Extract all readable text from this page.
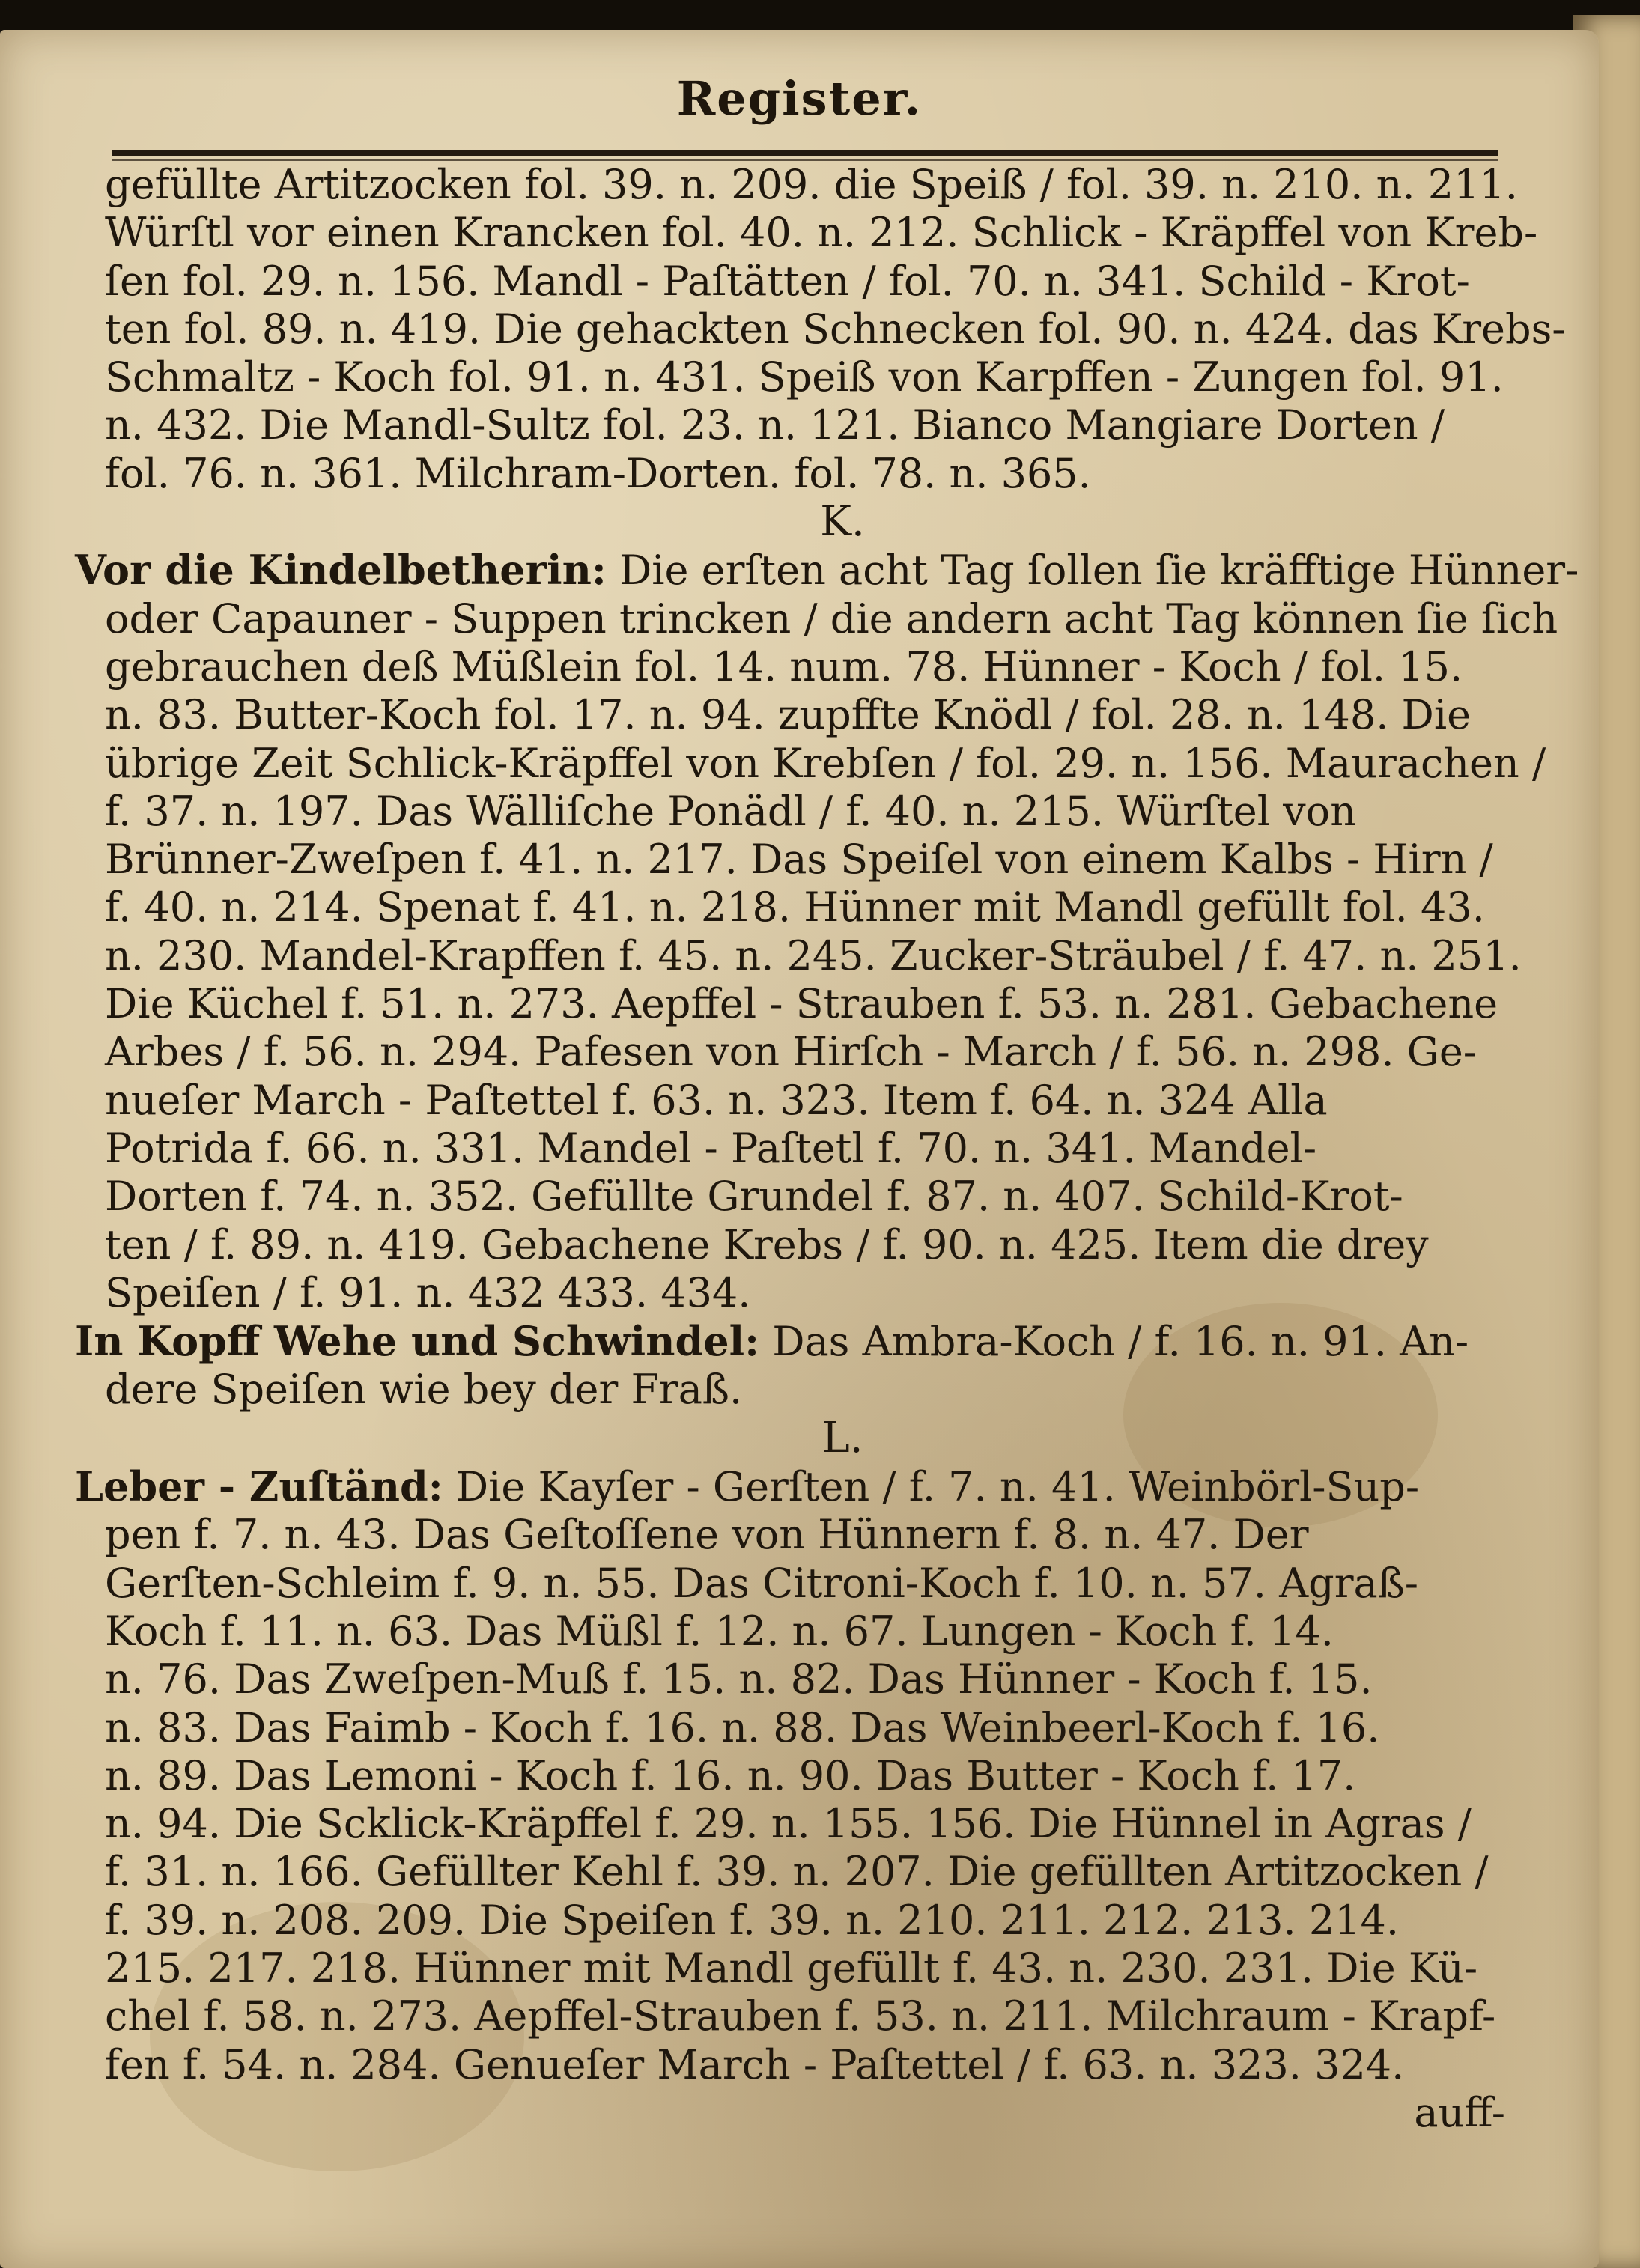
Register.
gefüllte Artitzocken fol. 39. n. 209. die Speiß / fol. 39. n. 210. n. 211.
Würſtl vor einen Krancken fol. 40. n. 212. Schlick - Kräpffel von Kreb-
ſen fol. 29. n. 156. Mandl - Paſtätten / fol. 70. n. 341. Schild - Krot-
ten fol. 89. n. 419. Die gehackten Schnecken fol. 90. n. 424. das Krebs-
Schmaltz - Koch fol. 91. n. 431. Speiß von Karpffen - Zungen fol. 91.
n. 432. Die Mandl-Sultz fol. 23. n. 121. Bianco Mangiare Dorten /
fol. 76. n. 361. Milchram-Dorten. fol. 78. n. 365.
K.
Vor die Kindelbetherin: Die erſten acht Tag ſollen ſie kräfftige Hünner-
oder Capauner - Suppen trincken / die andern acht Tag können ſie ſich
gebrauchen deß Müßlein fol. 14. num. 78. Hünner - Koch / fol. 15.
n. 83. Butter-Koch fol. 17. n. 94. zupffte Knödl / fol. 28. n. 148. Die
übrige Zeit Schlick-Kräpffel von Krebſen / fol. 29. n. 156. Maurachen /
f. 37. n. 197. Das Wälliſche Ponädl / f. 40. n. 215. Würſtel von
Brünner-Zweſpen f. 41. n. 217. Das Speiſel von einem Kalbs - Hirn /
f. 40. n. 214. Spenat f. 41. n. 218. Hünner mit Mandl gefüllt fol. 43.
n. 230. Mandel-Krapffen f. 45. n. 245. Zucker-Sträubel / f. 47. n. 251.
Die Küchel f. 51. n. 273. Aepffel - Strauben f. 53. n. 281. Gebachene
Arbes / f. 56. n. 294. Pafesen von Hirſch - March / f. 56. n. 298. Ge-
nueſer March - Paſtettel f. 63. n. 323. Item f. 64. n. 324 Alla
Potrida f. 66. n. 331. Mandel - Paſtetl f. 70. n. 341. Mandel-
Dorten f. 74. n. 352. Gefüllte Grundel f. 87. n. 407. Schild-Krot-
ten / f. 89. n. 419. Gebachene Krebs / f. 90. n. 425. Item die drey
Speiſen / f. 91. n. 432 433. 434.
In Kopff Wehe und Schwindel: Das Ambra-Koch / f. 16. n. 91. An-
dere Speiſen wie bey der Fraß.
L.
Leber - Zuſtänd: Die Kayſer - Gerſten / f. 7. n. 41. Weinbörl-Sup-
pen f. 7. n. 43. Das Geſtoſſene von Hünnern f. 8. n. 47. Der
Gerſten-Schleim f. 9. n. 55. Das Citroni-Koch f. 10. n. 57. Agraß-
Koch f. 11. n. 63. Das Müßl f. 12. n. 67. Lungen - Koch f. 14.
n. 76. Das Zweſpen-Muß f. 15. n. 82. Das Hünner - Koch f. 15.
n. 83. Das Faimb - Koch f. 16. n. 88. Das Weinbeerl-Koch f. 16.
n. 89. Das Lemoni - Koch f. 16. n. 90. Das Butter - Koch f. 17.
n. 94. Die Scklick-Kräpffel f. 29. n. 155. 156. Die Hünnel in Agras /
f. 31. n. 166. Gefüllter Kehl f. 39. n. 207. Die gefüllten Artitzocken /
f. 39. n. 208. 209. Die Speiſen f. 39. n. 210. 211. 212. 213. 214.
215. 217. 218. Hünner mit Mandl gefüllt f. 43. n. 230. 231. Die Kü-
chel f. 58. n. 273. Aepffel-Strauben f. 53. n. 211. Milchraum - Krapf-
fen f. 54. n. 284. Genueſer March - Paſtettel / f. 63. n. 323. 324.
auff-
